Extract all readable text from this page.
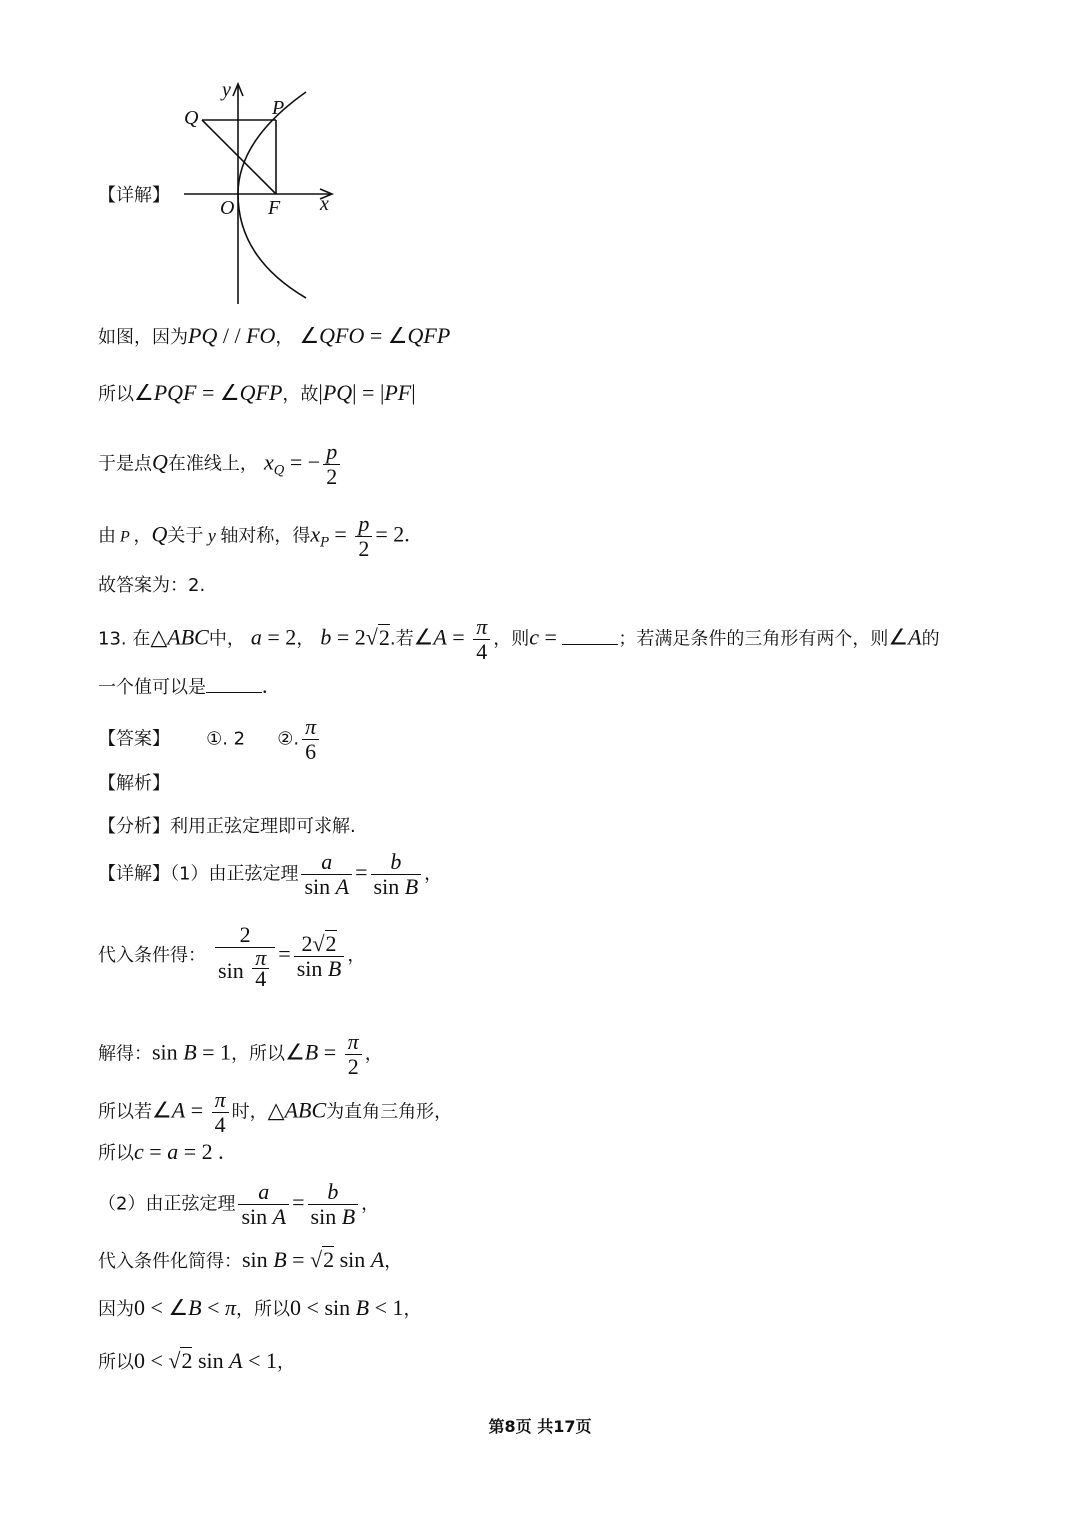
y
P
Q
O F x
【详解】
如图，因为PQ / / FO， ∠QFO = ∠QFP
所以∠PQF = ∠QFP，故|PQ| = |PF|
于是点Q在准线上， $x_Q$ = − $\frac{p}{2}$
由 P ，Q关于 y 轴对称，得$x_P = \frac{p}{2} = 2$.
故答案为：2.
13. 在△ABC中， a = 2， b = 2√2.若∠A = $\frac{\pi}{4}$ ，则c =	；若满足条件的三角形有两个，则∠A的
一个值可以是	.
【答案】 ①. 2 ②. $\frac{\pi}{6}$
【解析】
【分析】利用正弦定理即可求解.
【详解】（1）由正弦定理 $\frac{a}{\text{sin A}} = \frac{b}{\text{sin B}}$ ，
代入条件得： $\frac{2}{\sin \frac{\pi}{4}} = \frac{2√2}{\text{sin B}}$ ，
解得：sin B = 1，所以∠B = $\frac{\pi}{2}$ ，
所以若∠A = $\frac{\pi}{4}$ 时，△ABC为直角三角形，
所以c = a = 2 .
（2）由正弦定理 $\frac{a}{\text{sin A}} = \frac{b}{\text{sin B}}$ ，
代入条件化简得：sin B = √2 sin A，
因为0 < ∠B < π，所以0 < sin B < 1，
所以0 < √2 sin A < 1，
第8页 共17页
